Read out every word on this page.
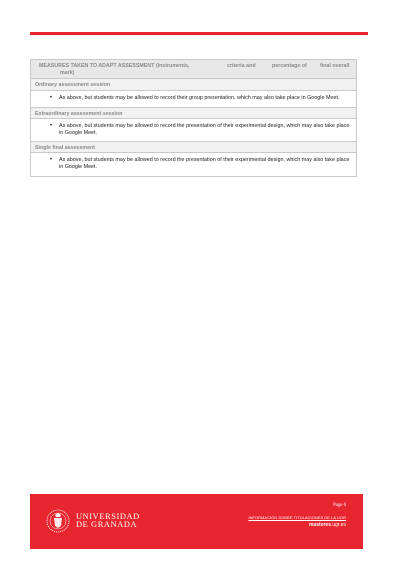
MEASURES TAKEN TO ADAPT ASSESSMENT (Instruments,
mark)
criteria and	percentage of	final overall
Ordinary assessment session
• As above, but students may be allowed to record their group presentation, which may also take place in Google Meet.
Extraordinary assessment session
• As above, but students may be allowed to record the presentation of their experimental design, which may also take place in Google Meet.
Single final assessment
• As above, but students may be allowed to record the presentation of their experimental design, which may also take place in Google Meet.
UNIVERSIDAD
DE GRANADA
Page 6
INFORMACIÓN SOBRE TITULACIONES DE LA UGR
masteres.ugr.es
